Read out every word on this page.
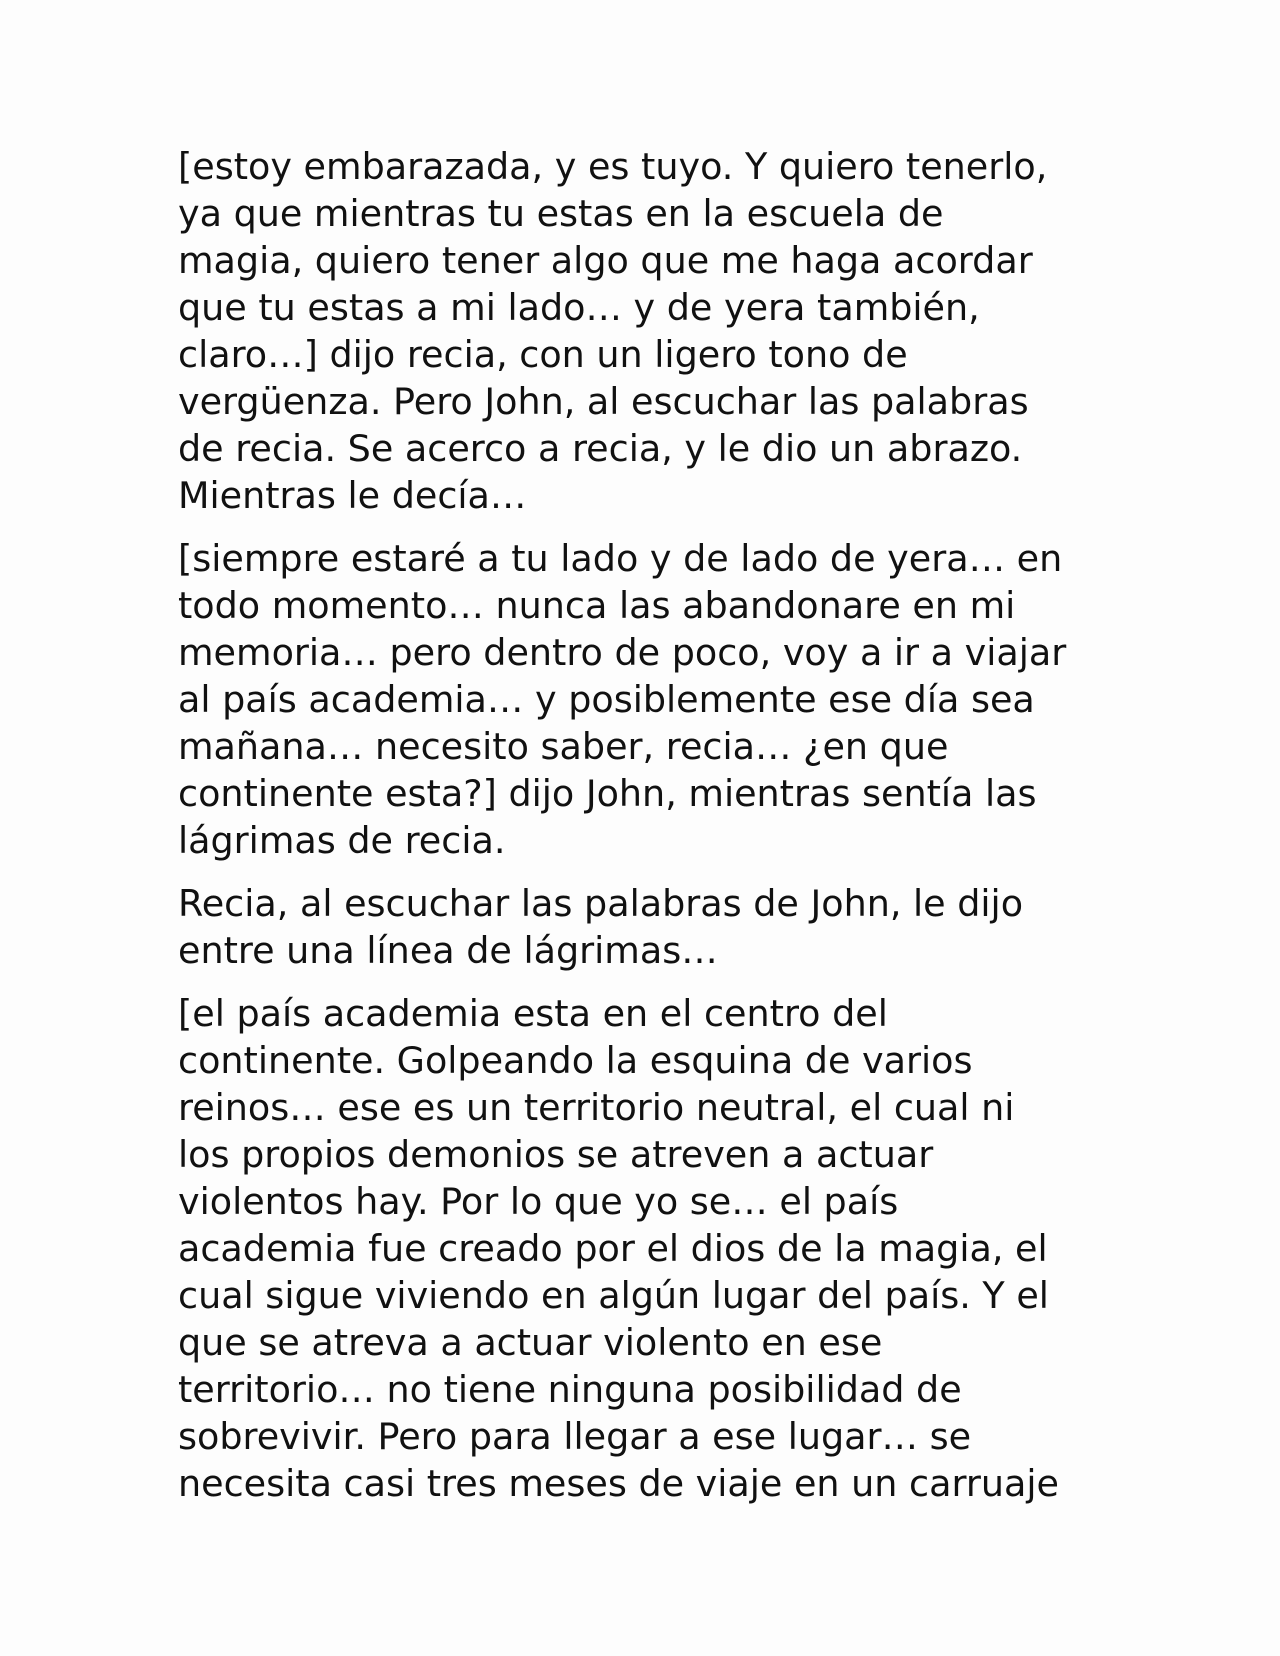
[estoy embarazada, y es tuyo. Y quiero tenerlo,
ya que mientras tu estas en la escuela de
magia, quiero tener algo que me haga acordar
que tu estas a mi lado… y de yera también,
claro…] dijo recia, con un ligero tono de
vergüenza. Pero John, al escuchar las palabras
de recia. Se acerco a recia, y le dio un abrazo.
Mientras le decía…

[siempre estaré a tu lado y de lado de yera… en
todo momento… nunca las abandonare en mi
memoria… pero dentro de poco, voy a ir a viajar
al país academia… y posiblemente ese día sea
mañana… necesito saber, recia… ¿en que
continente esta?] dijo John, mientras sentía las
lágrimas de recia.

Recia, al escuchar las palabras de John, le dijo
entre una línea de lágrimas…

[el país academia esta en el centro del
continente. Golpeando la esquina de varios
reinos… ese es un territorio neutral, el cual ni
los propios demonios se atreven a actuar
violentos hay. Por lo que yo se… el país
academia fue creado por el dios de la magia, el
cual sigue viviendo en algún lugar del país. Y el
que se atreva a actuar violento en ese
territorio… no tiene ninguna posibilidad de
sobrevivir. Pero para llegar a ese lugar… se
necesita casi tres meses de viaje en un carruaje
